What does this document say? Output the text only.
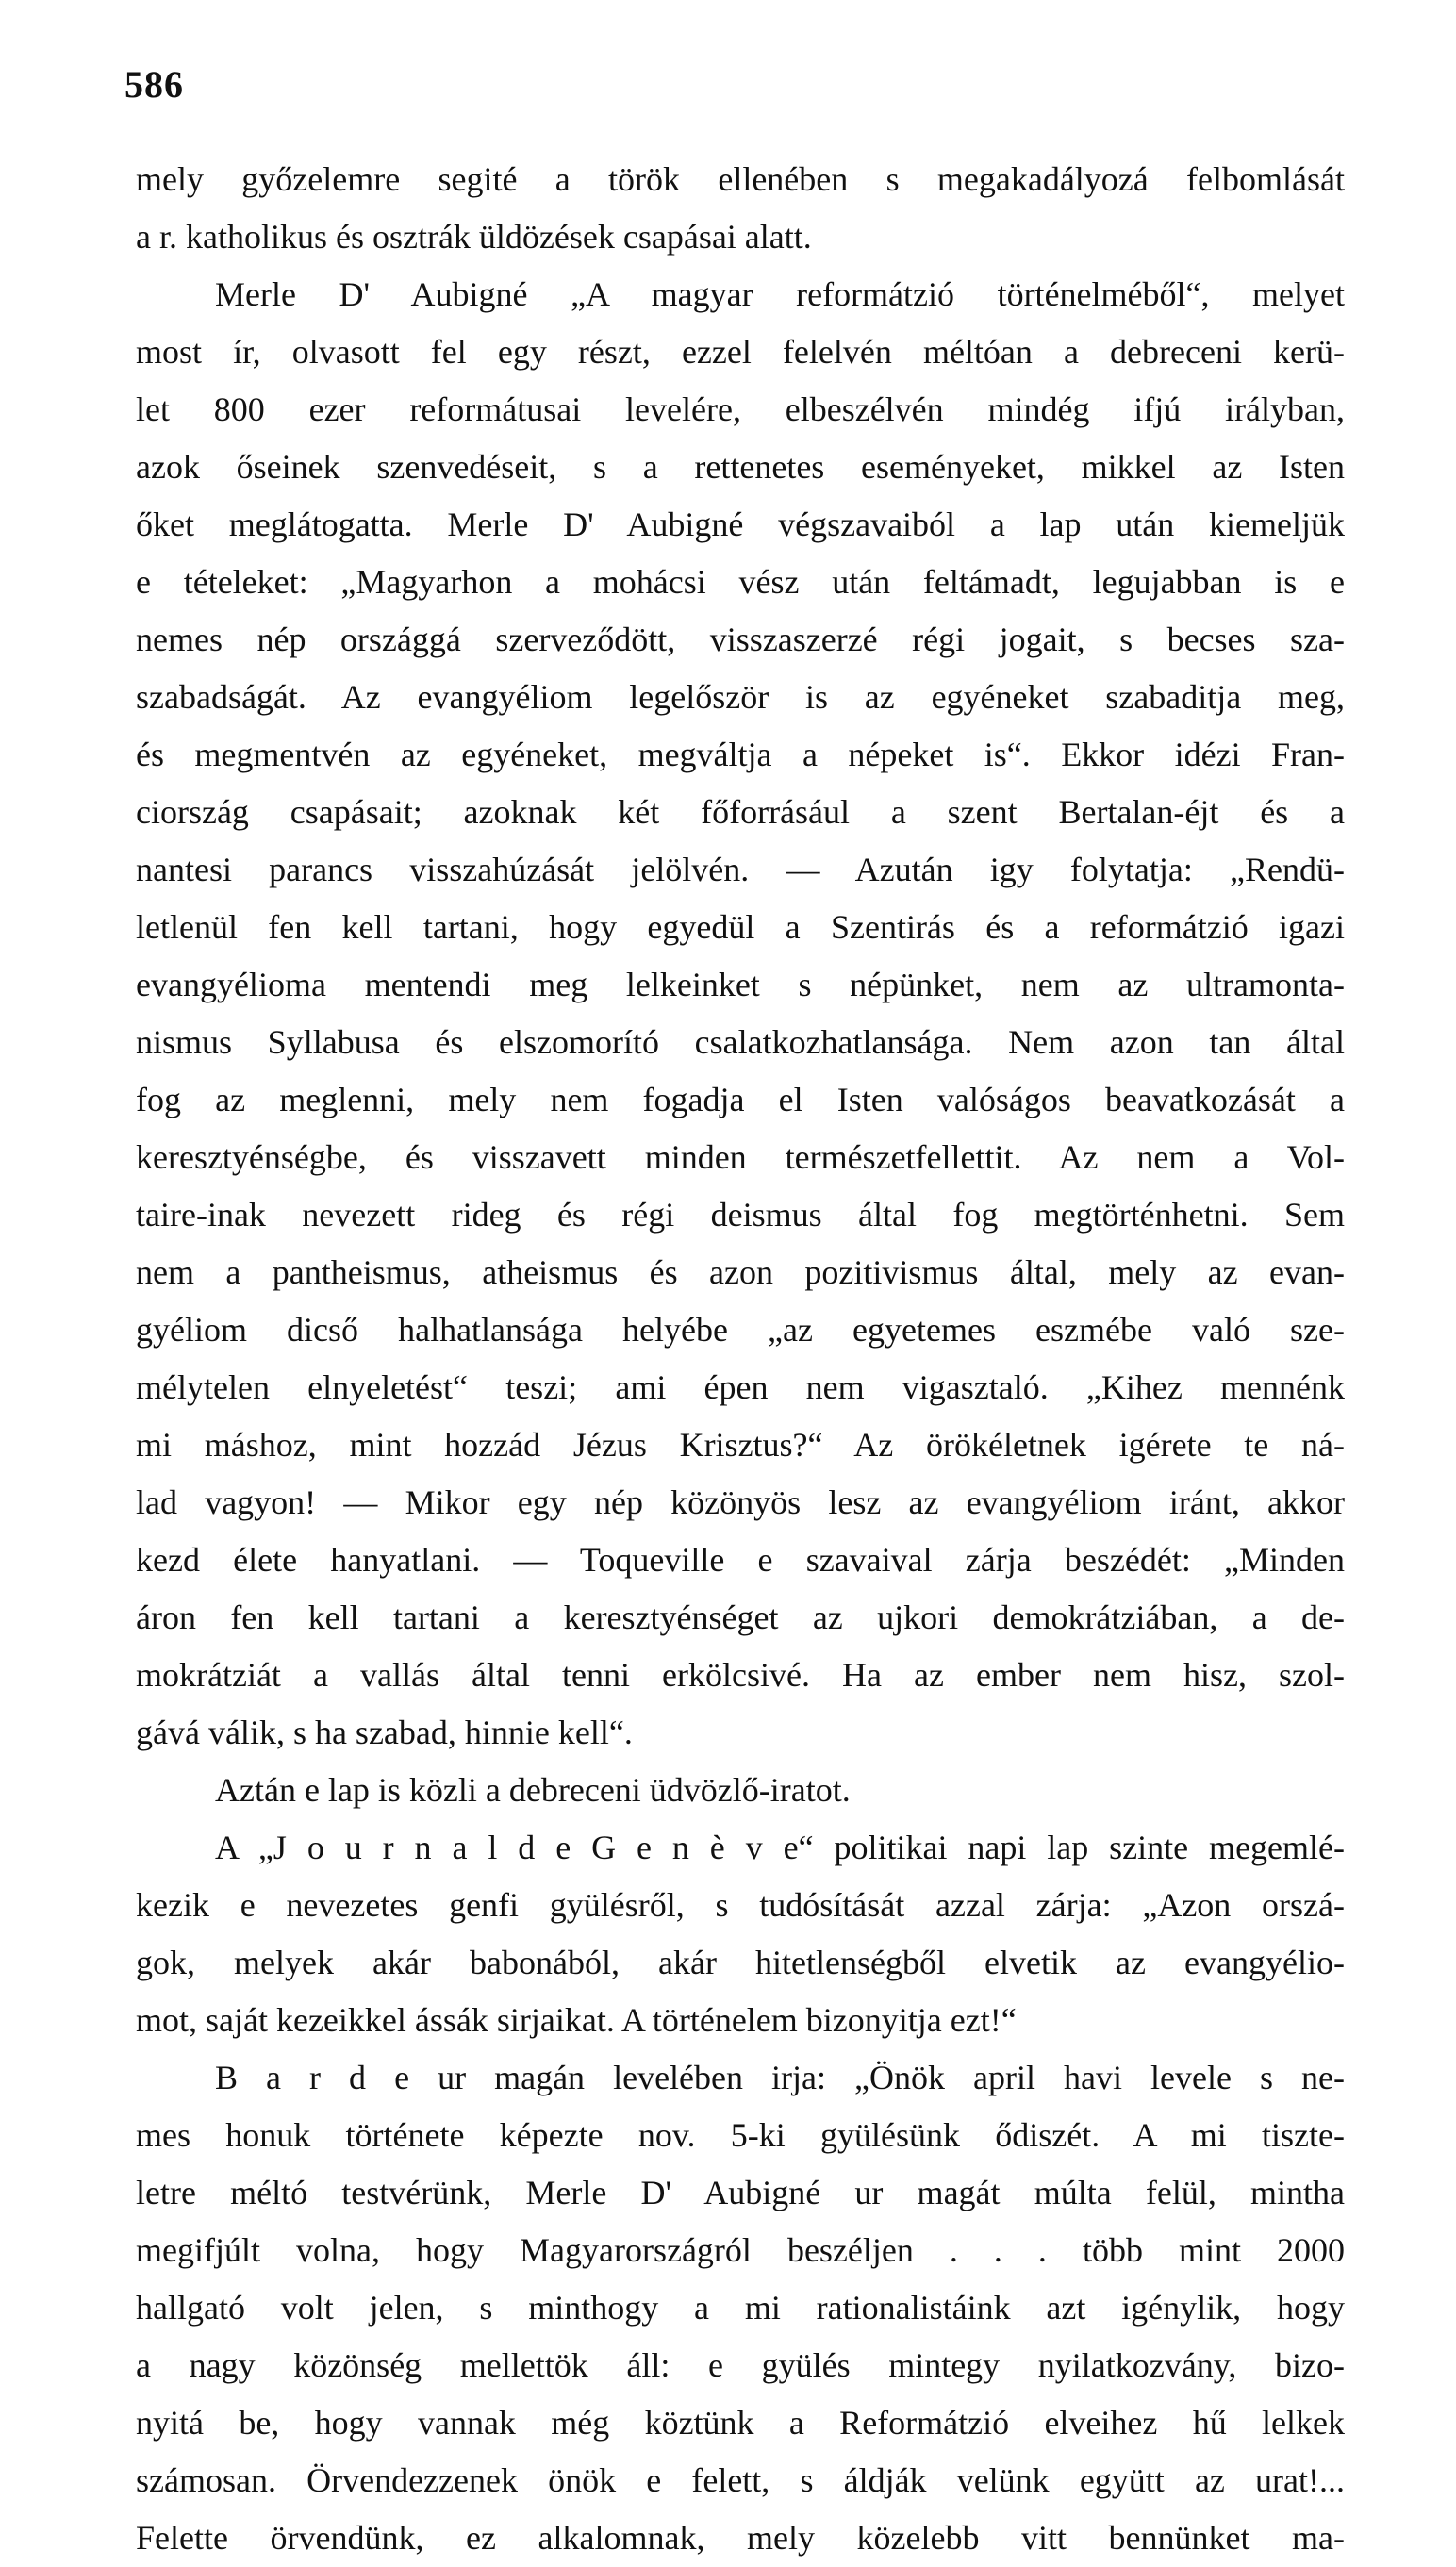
586
mely győzelemre segité a török ellenében s megakadályozá felbomlását
a r. katholikus és osztrák üldözések csapásai alatt.
Merle D' Aubigné „A magyar reformátzió történelméből“, melyet
most ír, olvasott fel egy részt, ezzel felelvén méltóan a debreceni kerü-
let 800 ezer reformátusai levelére, elbeszélvén mindég ifjú irályban,
azok őseinek szenvedéseit, s a rettenetes eseményeket, mikkel az Isten
őket meglátogatta. Merle D' Aubigné végszavaiból a lap után kiemeljük
e tételeket: „Magyarhon a mohácsi vész után feltámadt, legujabban is e
nemes nép országgá szerveződött, visszaszerzé régi jogait, s becses sza-
szabadságát. Az evangyéliom legelőször is az egyéneket szabaditja meg,
és megmentvén az egyéneket, megváltja a népeket is“. Ekkor idézi Fran-
ciország csapásait; azoknak két főforrásául a szent Bertalan-éjt és a
nantesi parancs visszahúzását jelölvén. — Azután igy folytatja: „Rendü-
letlenül fen kell tartani, hogy egyedül a Szentirás és a reformátzió igazi
evangyélioma mentendi meg lelkeinket s népünket, nem az ultramonta-
nismus Syllabusa és elszomorító csalatkozhatlansága. Nem azon tan által
fog az meglenni, mely nem fogadja el Isten valóságos beavatkozását a
keresztyénségbe, és visszavett minden természetfellettit. Az nem a Vol-
taire-inak nevezett rideg és régi deismus által fog megtörténhetni. Sem
nem a pantheismus, atheismus és azon pozitivismus által, mely az evan-
gyéliom dicső halhatlansága helyébe „az egyetemes eszmébe való sze-
mélytelen elnyeletést“ teszi; ami épen nem vigasztaló. „Kihez mennénk
mi máshoz, mint hozzád Jézus Krisztus?“ Az örökéletnek igérete te ná-
lad vagyon! — Mikor egy nép közönyös lesz az evangyéliom iránt, akkor
kezd élete hanyatlani. — Toqueville e szavaival zárja beszédét: „Minden
áron fen kell tartani a keresztyénséget az ujkori demokrátziában, a de-
mokrátziát a vallás által tenni erkölcsivé. Ha az ember nem hisz, szol-
gává válik, s ha szabad, hinnie kell“.
Aztán e lap is közli a debreceni üdvözlő-iratot.
A „J o u r n a l d e G e n è v e“ politikai napi lap szinte megemlé-
kezik e nevezetes genfi gyülésről, s tudósítását azzal zárja: „Azon orszá-
gok, melyek akár babonából, akár hitetlenségből elvetik az evangyélio-
mot, saját kezeikkel ássák sirjaikat. A történelem bizonyitja ezt!“
B a r d e ur magán levelében irja: „Önök april havi levele s ne-
mes honuk története képezte nov. 5-ki gyülésünk ődiszét. A mi tiszte-
letre méltó testvérünk, Merle D' Aubigné ur magát múlta felül, mintha
megifjúlt volna, hogy Magyarországról beszéljen . . . több mint 2000
hallgató volt jelen, s minthogy a mi rationalistáink azt igénylik, hogy
a nagy közönség mellettök áll: e gyülés mintegy nyilatkozvány, bizo-
nyitá be, hogy vannak még köztünk a Reformátzió elveihez hű lelkek
számosan. Örvendezzenek önök e felett, s áldják velünk együtt az urat!...
Felette örvendünk, ez alkalomnak, mely közelebb vitt bennünket ma-
